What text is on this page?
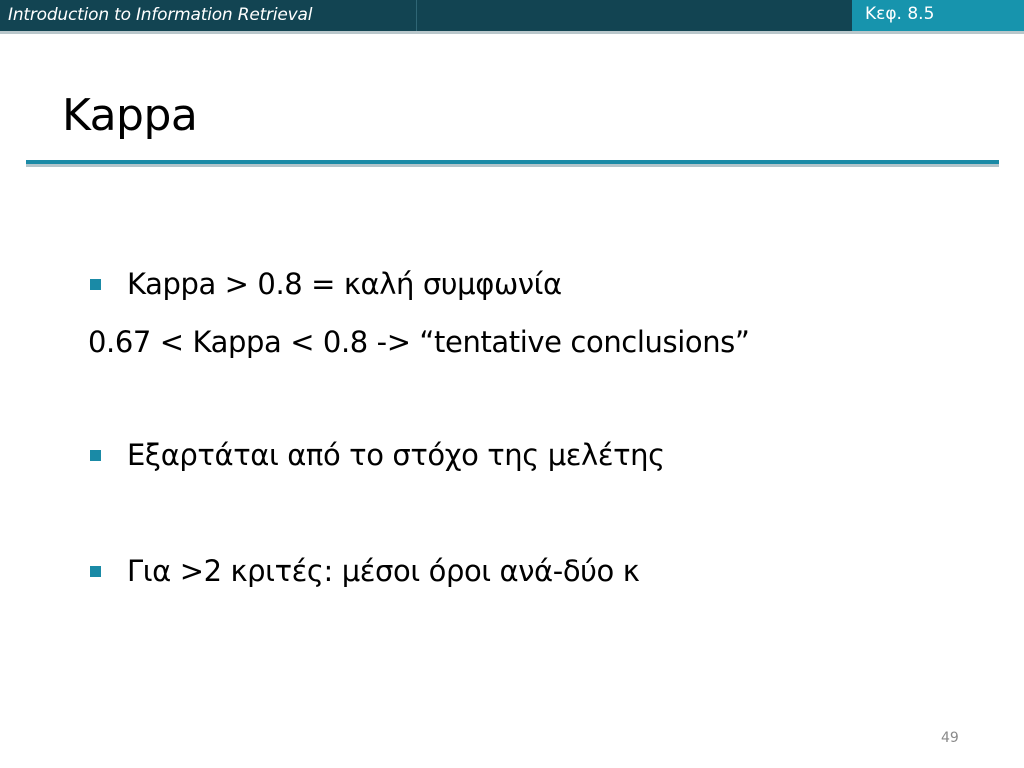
Introduction to Information Retrieval	Κεφ. 8.5
Kappa
Kappa > 0.8 = καλή συμφωνία
0.67 < Kappa < 0.8 -> “tentative conclusions”
Εξαρτάται από το στόχο της μελέτης
Για >2 κριτές: μέσοι όροι ανά-δύο κ
49
